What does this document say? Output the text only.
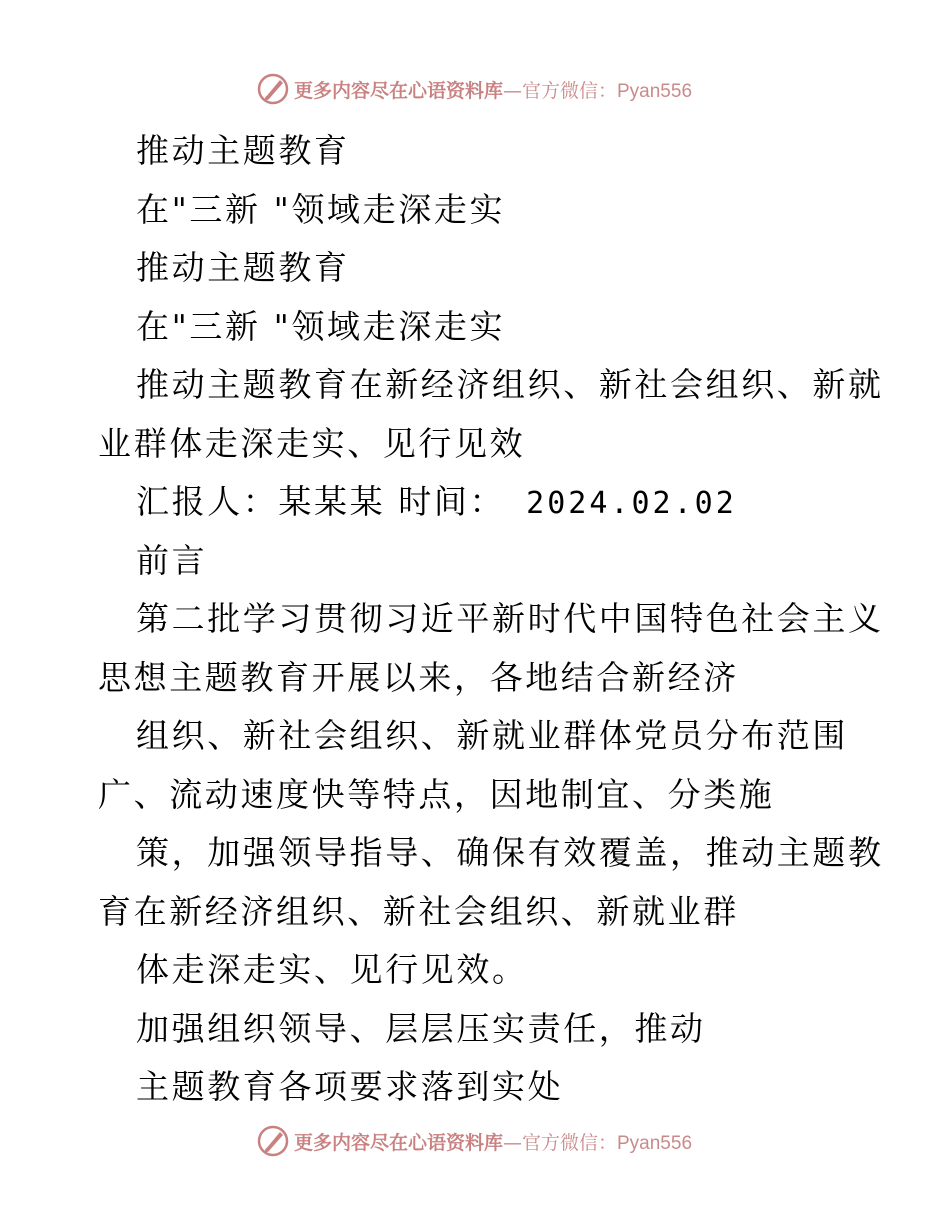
更多内容尽在心语资料库—官方微信：Pyan556
推动主题教育
在"三新 "领域走深走实
推动主题教育
在"三新 "领域走深走实
推动主题教育在新经济组织、新社会组织、新就
业群体走深走实、见行见效
汇报人：某某某 时间： 2024.02.02
前言
第二批学习贯彻习近平新时代中国特色社会主义
思想主题教育开展以来，各地结合新经济
组织、新社会组织、新就业群体党员分布范围
广、流动速度快等特点，因地制宜、分类施
策，加强领导指导、确保有效覆盖，推动主题教
育在新经济组织、新社会组织、新就业群
体走深走实、见行见效。
加强组织领导、层层压实责任，推动
主题教育各项要求落到实处
更多内容尽在心语资料库—官方微信：Pyan556
